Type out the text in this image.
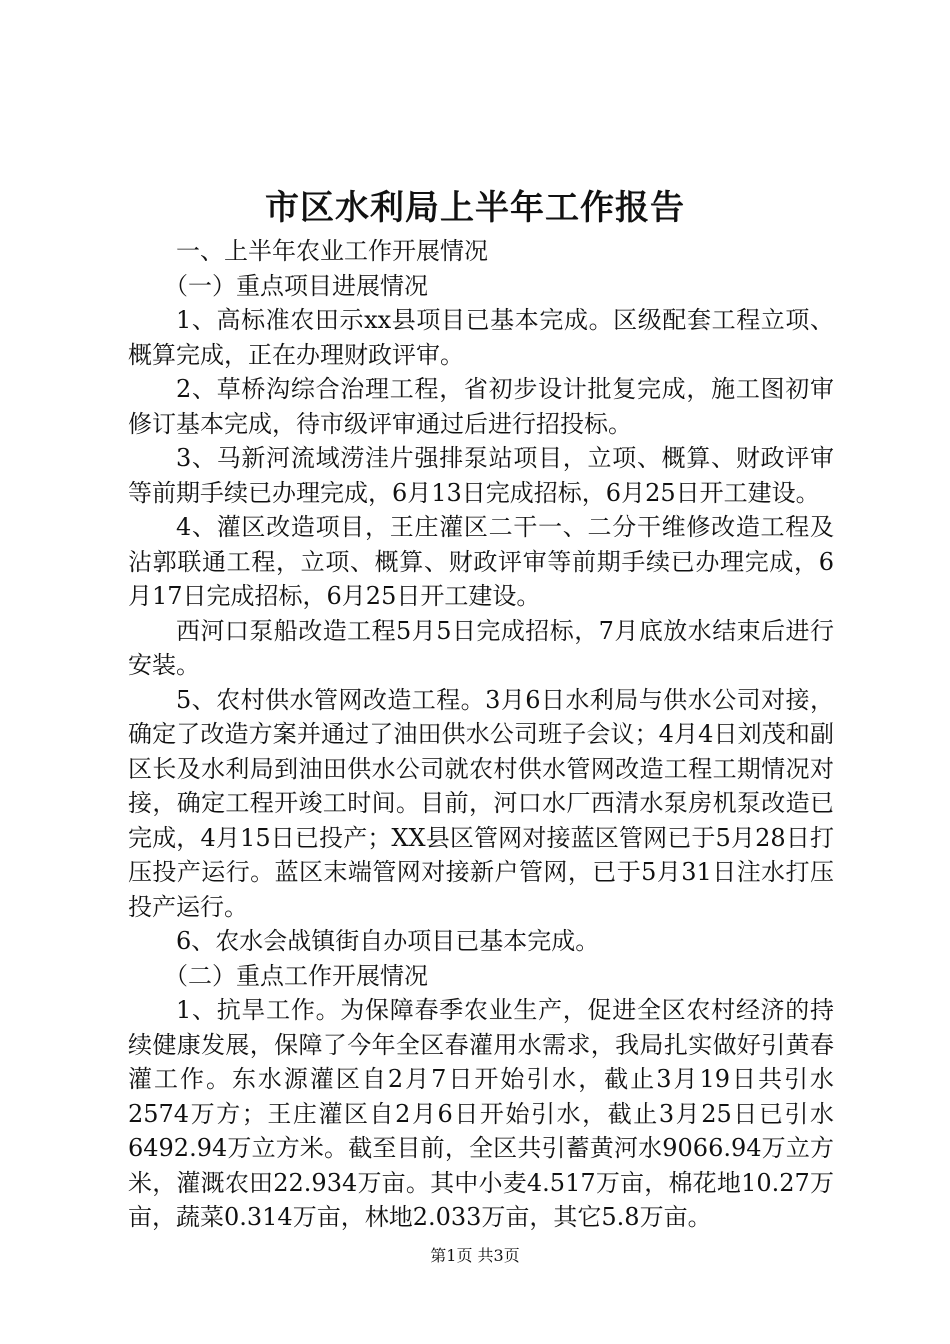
市区水利局上半年工作报告

一、上半年农业工作开展情况

（一）重点项目进展情况

1、高标准农田示xx县项目已基本完成。区级配套工程立项、概算完成，正在办理财政评审。

2、草桥沟综合治理工程，省初步设计批复完成，施工图初审修订基本完成，待市级评审通过后进行招投标。

3、马新河流域涝洼片强排泵站项目，立项、概算、财政评审等前期手续已办理完成，6月13日完成招标，6月25日开工建设。

4、灌区改造项目，王庄灌区二干一、二分干维修改造工程及沾郭联通工程，立项、概算、财政评审等前期手续已办理完成，6月17日完成招标，6月25日开工建设。

西河口泵船改造工程5月5日完成招标，7月底放水结束后进行安装。

5、农村供水管网改造工程。3月6日水利局与供水公司对接，确定了改造方案并通过了油田供水公司班子会议；4月4日刘茂和副区长及水利局到油田供水公司就农村供水管网改造工程工期情况对接，确定工程开竣工时间。目前，河口水厂西清水泵房机泵改造已完成，4月15日已投产；XX县区管网对接蓝区管网已于5月28日打压投产运行。蓝区末端管网对接新户管网，已于5月31日注水打压投产运行。

6、农水会战镇街自办项目已基本完成。

（二）重点工作开展情况

1、抗旱工作。为保障春季农业生产，促进全区农村经济的持续健康发展，保障了今年全区春灌用水需求，我局扎实做好引黄春灌工作。东水源灌区自2月7日开始引水，截止3月19日共引水2574万方；王庄灌区自2月6日开始引水，截止3月25日已引水6492.94万立方米。截至目前，全区共引蓄黄河水9066.94万立方米，灌溉农田22.934万亩。其中小麦4.517万亩，棉花地10.27万亩，蔬菜0.314万亩，林地2.033万亩，其它5.8万亩。

第1页 共3页
